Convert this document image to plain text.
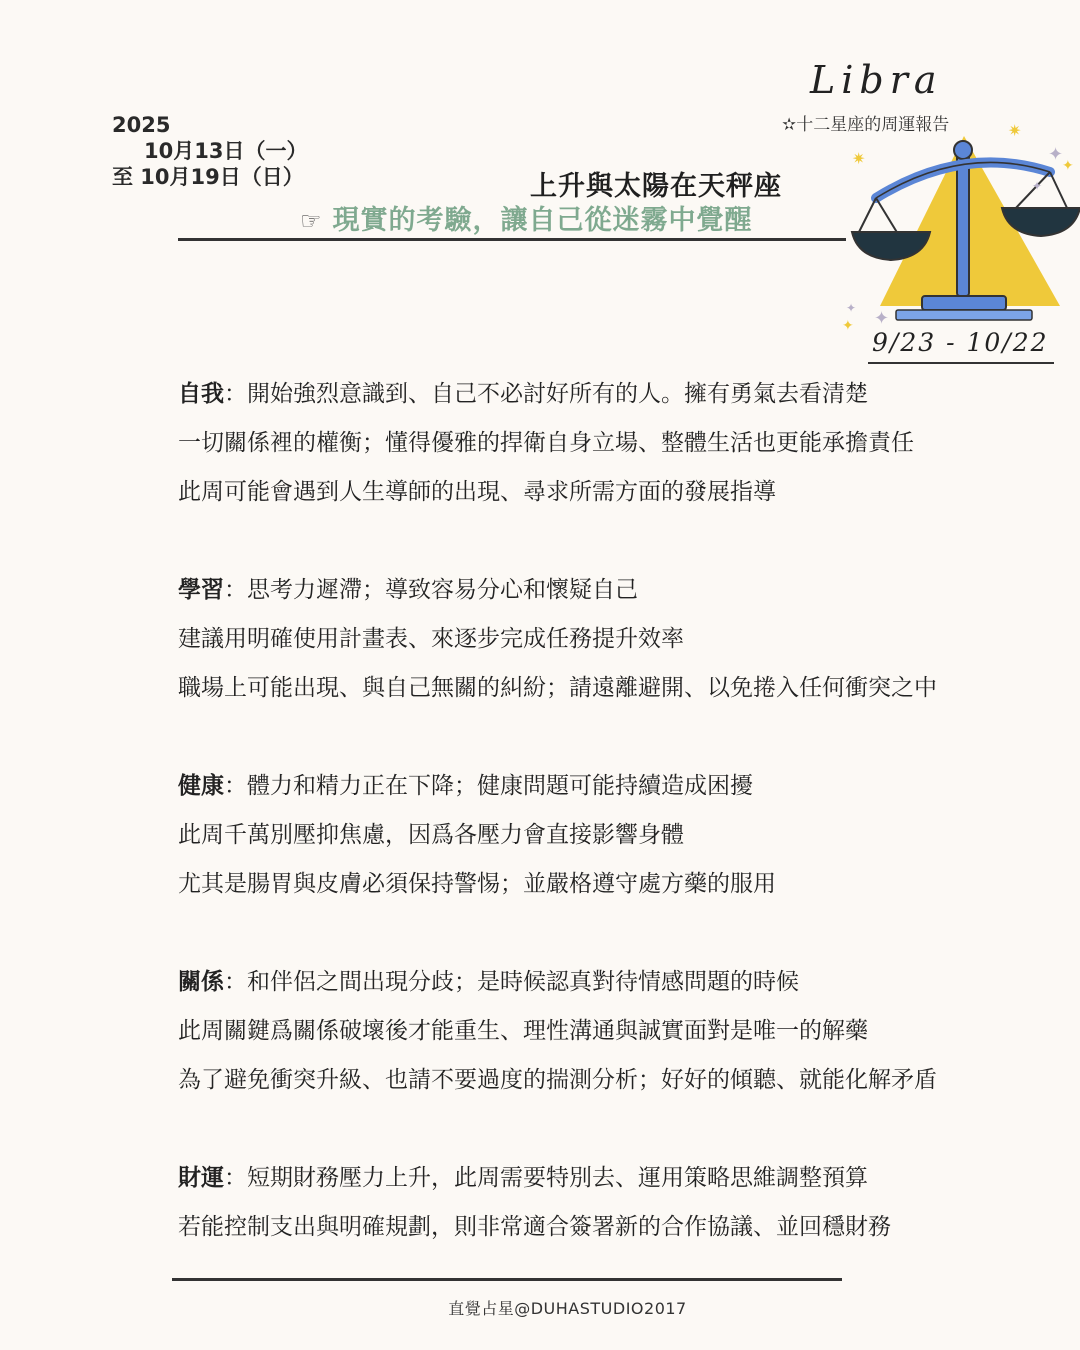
2025
10月13日（一）
至 10月19日（日）	上升與太陽在天秤座
☞ 現實的考驗，讓自己從迷霧中覺醒
Libra
✫十二星座的周運報告
✷
✷
✦
✦
✦
✦
✦
✦
9/23 - 10/22
自我：開始強烈意識到、自己不必討好所有的人。擁有勇氣去看清楚
一切關係裡的權衡；懂得優雅的捍衛自身立場、整體生活也更能承擔責任
此周可能會遇到人生導師的出現、尋求所需方面的發展指導
學習：思考力遲滯；導致容易分心和懷疑自己
建議用明確使用計畫表、來逐步完成任務提升效率
職場上可能出現、與自己無關的糾紛；請遠離避開、以免捲入任何衝突之中
健康：體力和精力正在下降；健康問題可能持續造成困擾
此周千萬別壓抑焦慮，因爲各壓力會直接影響身體
尤其是腸胃與皮膚必須保持警惕；並嚴格遵守處方藥的服用
關係：和伴侶之間出現分歧；是時候認真對待情感問題的時候
此周關鍵爲關係破壞後才能重生、理性溝通與誠實面對是唯一的解藥
為了避免衝突升級、也請不要過度的揣測分析；好好的傾聽、就能化解矛盾
財運：短期財務壓力上升，此周需要特別去、運用策略思維調整預算
若能控制支出與明確規劃，則非常適合簽署新的合作協議、並回穩財務
直覺占星@DUHASTUDIO2017
